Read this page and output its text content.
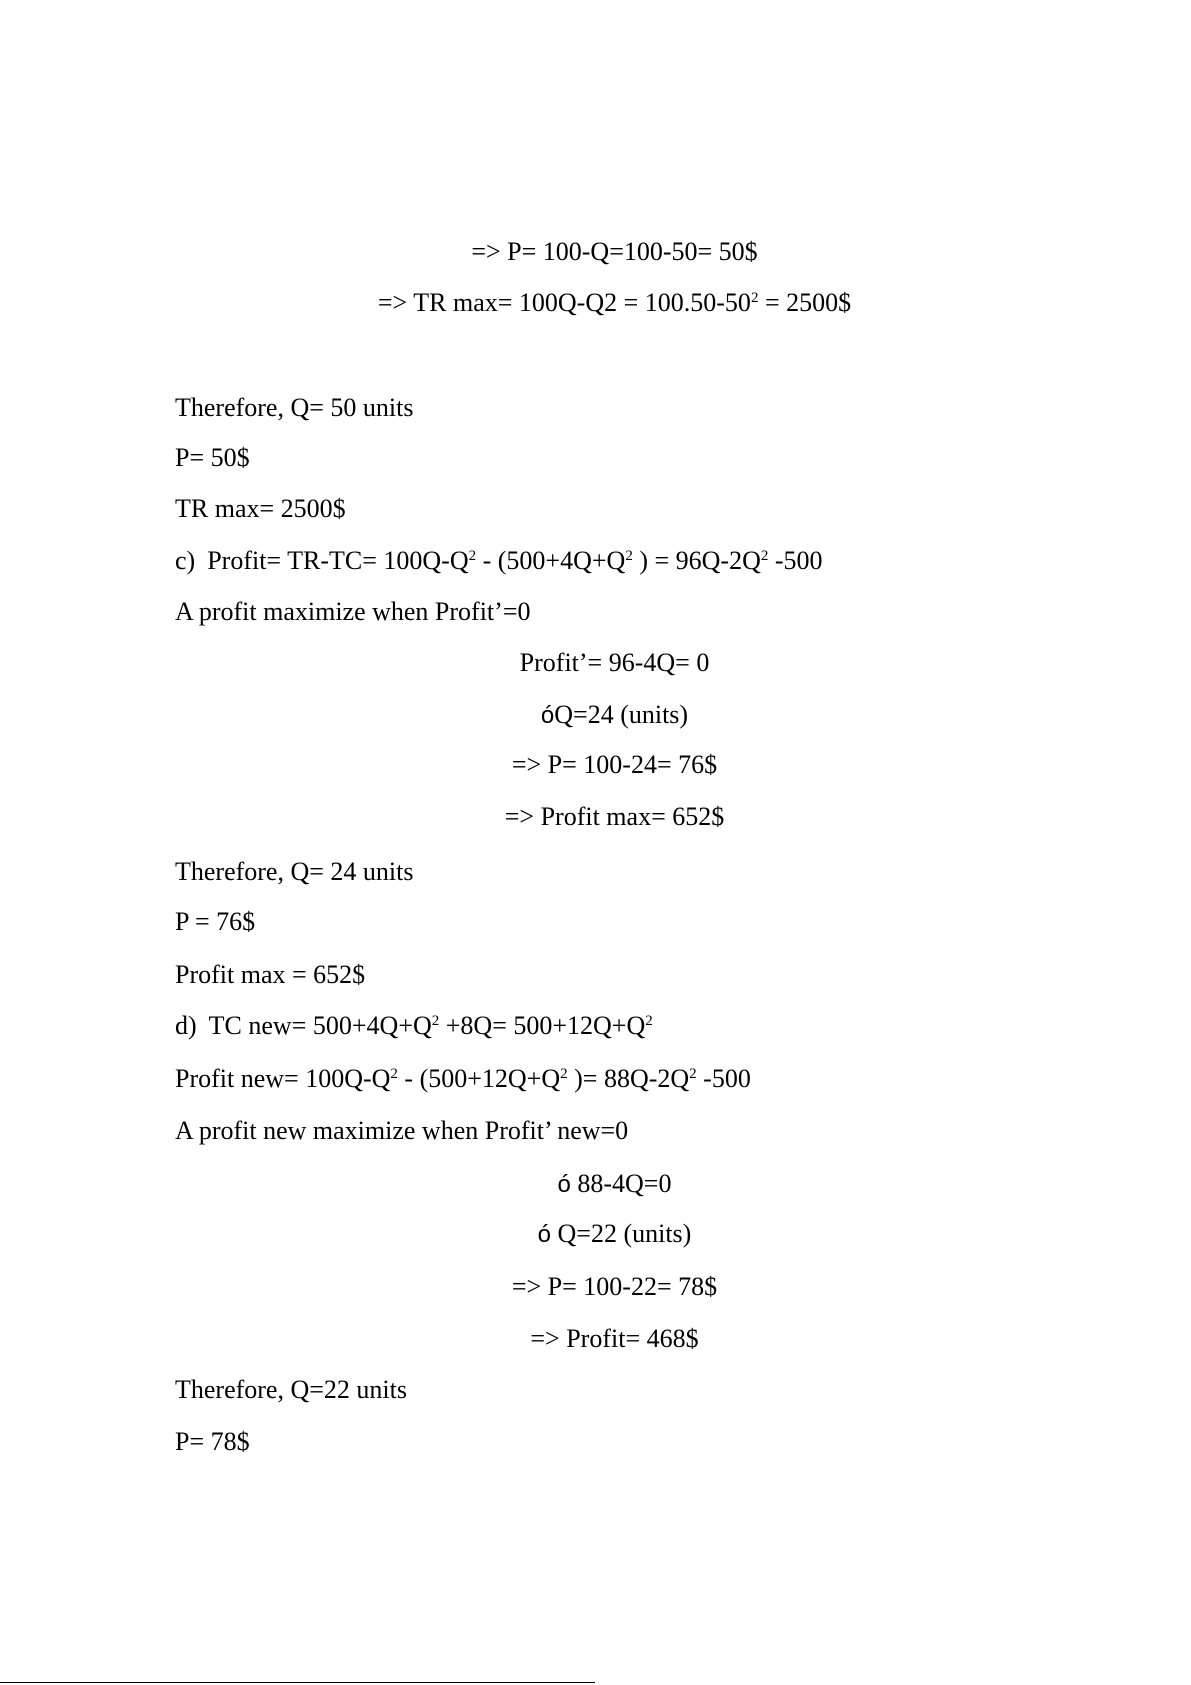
=> P= 100-Q=100-50= 50$
=> TR $\max= 100Q-Q2 = 100.50-50^2$ = 2500$
Therefore, Q= 50 units
P= 50$
TR max= 2500$
c) Profit= $TR-TC= 100Q-Q^2 - (500+4Q+Q^2$ ) = $96Q-2Q^2$ -500
A profit maximize when Profit’=0
Profit’= 96-4Q= 0
óQ=24 (units)
=> P= 100-24= 76$
=> Profit max= 652$
Therefore, Q= 24 units
P = 76$
Profit max = 652$
d) TC $new= 500+4Q+Q^2 +8Q= 500+12Q+Q^2$
Profit $new= 100Q-Q^2 - (500+12Q+Q^2$ )= $88Q-2Q^2$ -500
A profit new maximize when Profit’ new=0
ó 88-4Q=0
ó Q=22 (units)
=> P= 100-22= 78$
=> Profit= 468$
Therefore, Q=22 units
P= 78$
